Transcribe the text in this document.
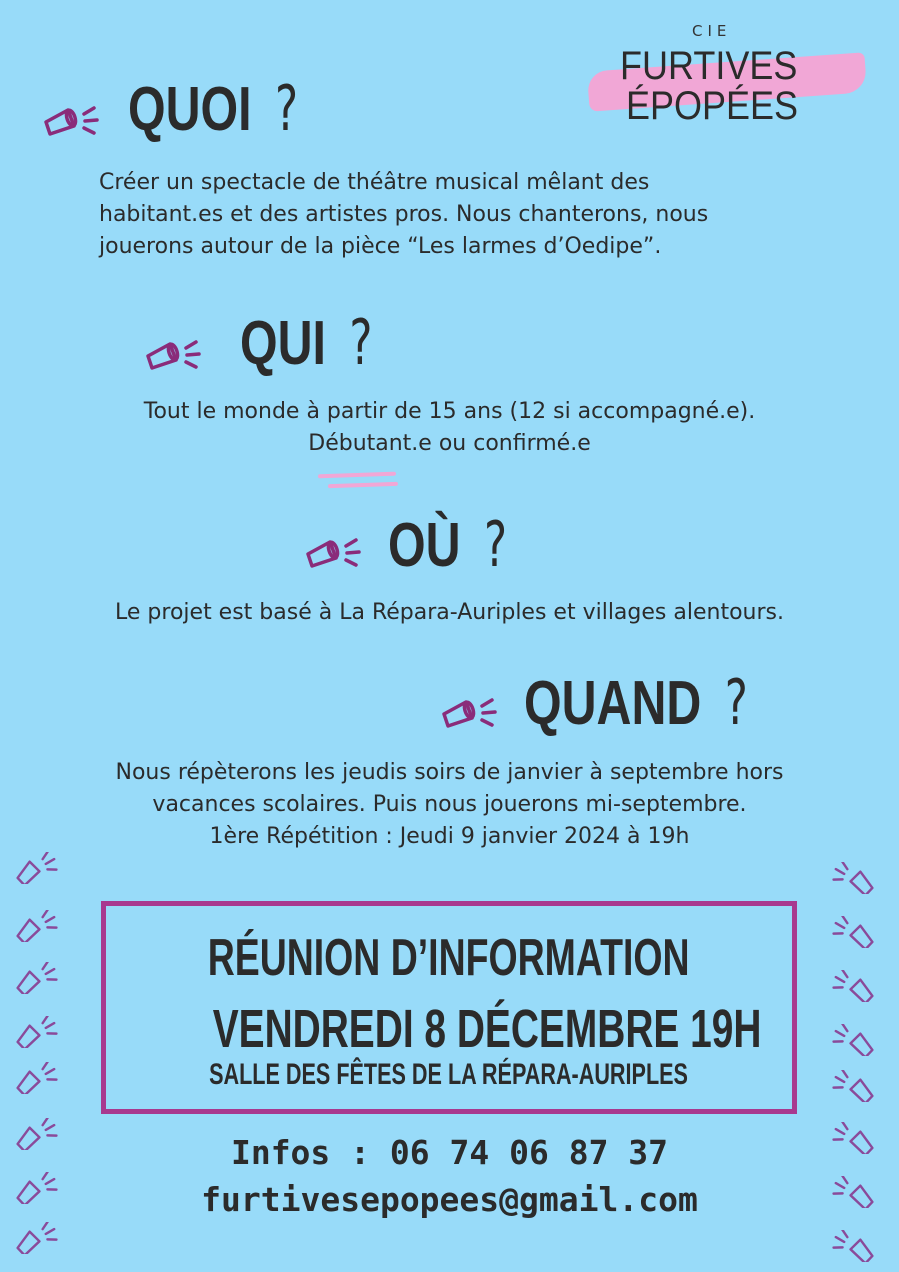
CIE
FURTIVES
ÉPOPÉES
QUOI ?
Créer un spectacle de théâtre musical mêlant des
habitant.es et des artistes pros. Nous chanterons, nous
jouerons autour de la pièce “Les larmes d’Oedipe”.
QUI ?
Tout le monde à partir de 15 ans (12 si accompagné.e).
Débutant.e ou confirmé.e
OÙ ?
Le projet est basé à La Répara-Auriples et villages alentours.
QUAND ?
Nous répèterons les jeudis soirs de janvier à septembre hors
vacances scolaires. Puis nous jouerons mi-septembre.
1ère Répétition : Jeudi 9 janvier 2024 à 19h
RÉUNION D’INFORMATION
VENDREDI 8 DÉCEMBRE 19H
SALLE DES FÊTES DE LA RÉPARA-AURIPLES
Infos : 06 74 06 87 37
furtivesepopees@gmail.com
